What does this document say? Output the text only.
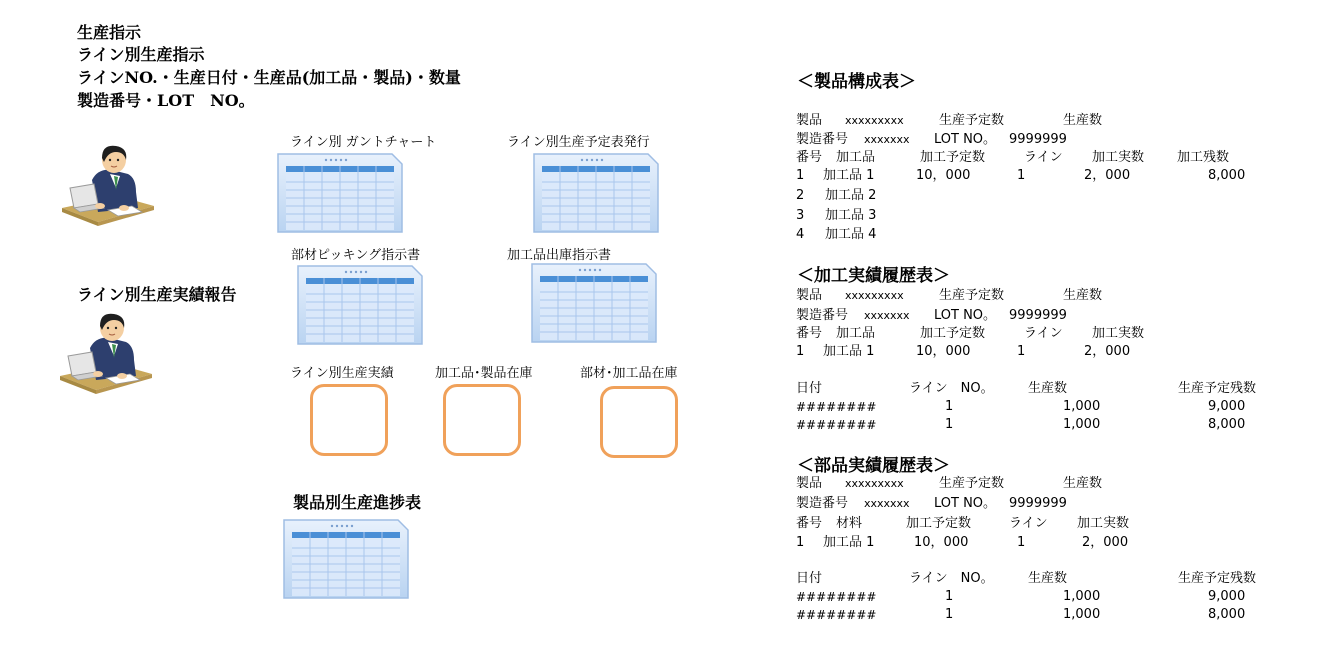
生産指示
ライン別生産指示
ラインNO.・生産日付・生産品(加工品・製品)・数量
製造番号・LOT　NO。
ライン別生産実績報告
ライン別 ガントチャート	ライン別生産予定表発行
部材ピッキング指示書	加工品出庫指示書
ライン別生産実績	加工品･製品在庫	部材･加工品在庫
製品別生産進捗表
＜製品構成表＞
製品 xxxxxxxxx	生産予定数	生産数
製造番号 xxxxxxx LOT NO。 9999999
番号 加工品	加工予定数	ライン 加工実数	加工残数
1 加工品 1	10，000	1	2，000	8,000
2 加工品 2
3 加工品 3
4 加工品 4
＜加工実績履歴表＞
製品 xxxxxxxxx	生産予定数	生産数
製造番号 xxxxxxx LOT NO。 9999999
番号 加工品	加工予定数	ライン 加工実数
1 加工品 1	10，000	1	2，000
日付	ライン　NO。	生産数	生産予定残数
########	1	1,000	9,000
########	1	1,000	8,000
＜部品実績履歴表＞
製品 xxxxxxxxx	生産予定数	生産数
製造番号 xxxxxxx LOT NO。 9999999
番号 材料	加工予定数	ライン 加工実数
1 加工品 1	10，000	1	2，000
日付	ライン　NO。	生産数	生産予定残数
########	1	1,000	9,000
########	1	1,000	8,000
